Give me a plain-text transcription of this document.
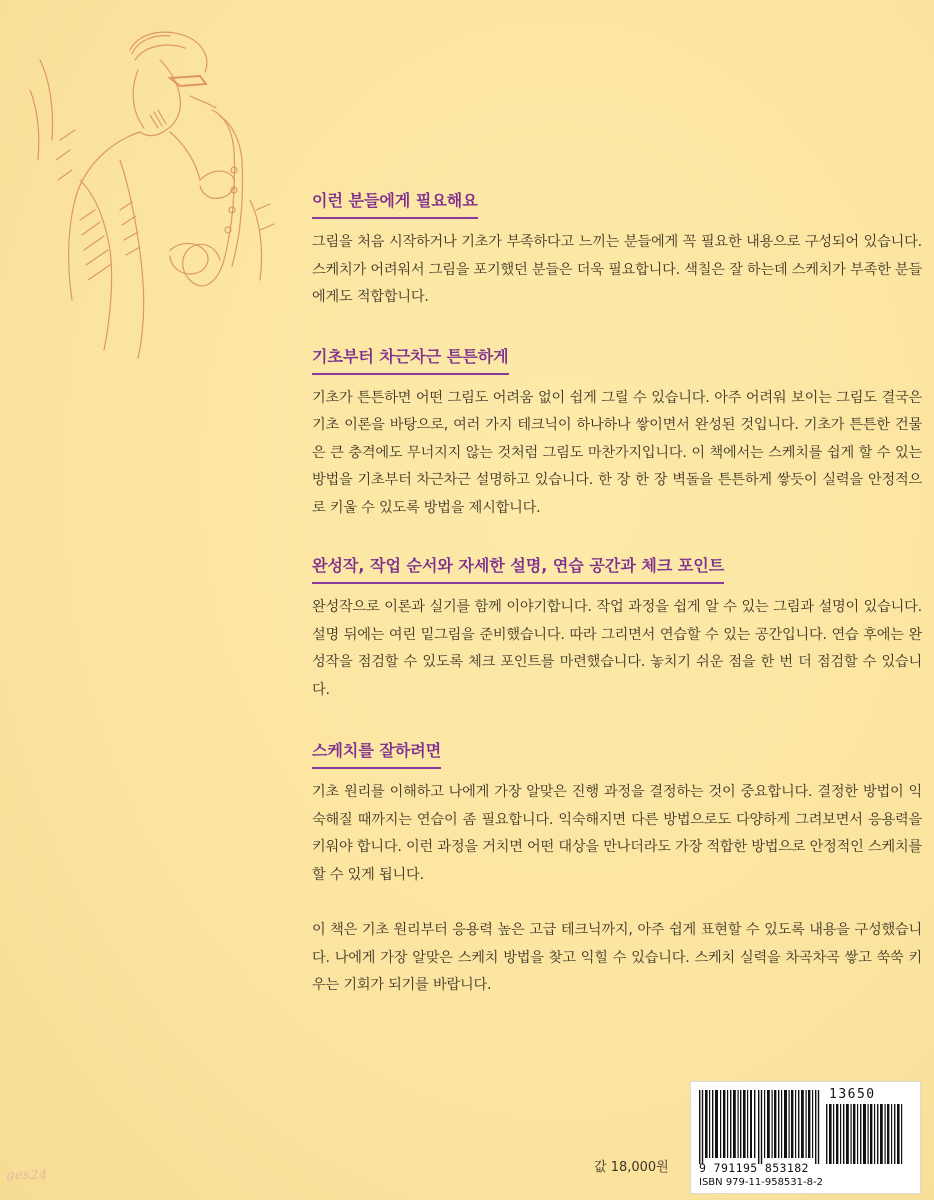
이런 분들에게 필요해요

그림을 처음 시작하거나 기초가 부족하다고 느끼는 분들에게 꼭 필요한 내용으로 구성되어 있습니다. 스케치가 어려워서 그림을 포기했던 분들은 더욱 필요합니다. 색칠은 잘 하는데 스케치가 부족한 분들에게도 적합합니다.

기초부터 차근차근 튼튼하게

기초가 튼튼하면 어떤 그림도 어려움 없이 쉽게 그릴 수 있습니다. 아주 어려워 보이는 그림도 결국은 기초 이론을 바탕으로, 여러 가지 테크닉이 하나하나 쌓이면서 완성된 것입니다. 기초가 튼튼한 건물은 큰 충격에도 무너지지 않는 것처럼 그림도 마찬가지입니다. 이 책에서는 스케치를 쉽게 할 수 있는 방법을 기초부터 차근차근 설명하고 있습니다. 한 장 한 장 벽돌을 튼튼하게 쌓듯이 실력을 안정적으로 키울 수 있도록 방법을 제시합니다.

완성작, 작업 순서와 자세한 설명, 연습 공간과 체크 포인트

완성작으로 이론과 실기를 함께 이야기합니다. 작업 과정을 쉽게 알 수 있는 그림과 설명이 있습니다. 설명 뒤에는 여린 밑그림을 준비했습니다. 따라 그리면서 연습할 수 있는 공간입니다. 연습 후에는 완성작을 점검할 수 있도록 체크 포인트를 마련했습니다. 놓치기 쉬운 점을 한 번 더 점검할 수 있습니다.

스케치를 잘하려면

기초 원리를 이해하고 나에게 가장 알맞은 진행 과정을 결정하는 것이 중요합니다. 결정한 방법이 익숙해질 때까지는 연습이 좀 필요합니다. 익숙해지면 다른 방법으로도 다양하게 그려보면서 응용력을 키워야 합니다. 이런 과정을 거치면 어떤 대상을 만나더라도 가장 적합한 방법으로 안정적인 스케치를 할 수 있게 됩니다.

이 책은 기초 원리부터 응용력 높은 고급 테크닉까지, 아주 쉽게 표현할 수 있도록 내용을 구성했습니다. 나에게 가장 알맞은 스케치 방법을 찾고 익힐 수 있습니다. 스케치 실력을 차곡차곡 쌓고 쑥쑥 키우는 기회가 되기를 바랍니다.

13650
9 791195 853182
ISBN 979-11-958531-8-2
값 18,000원
ges24
